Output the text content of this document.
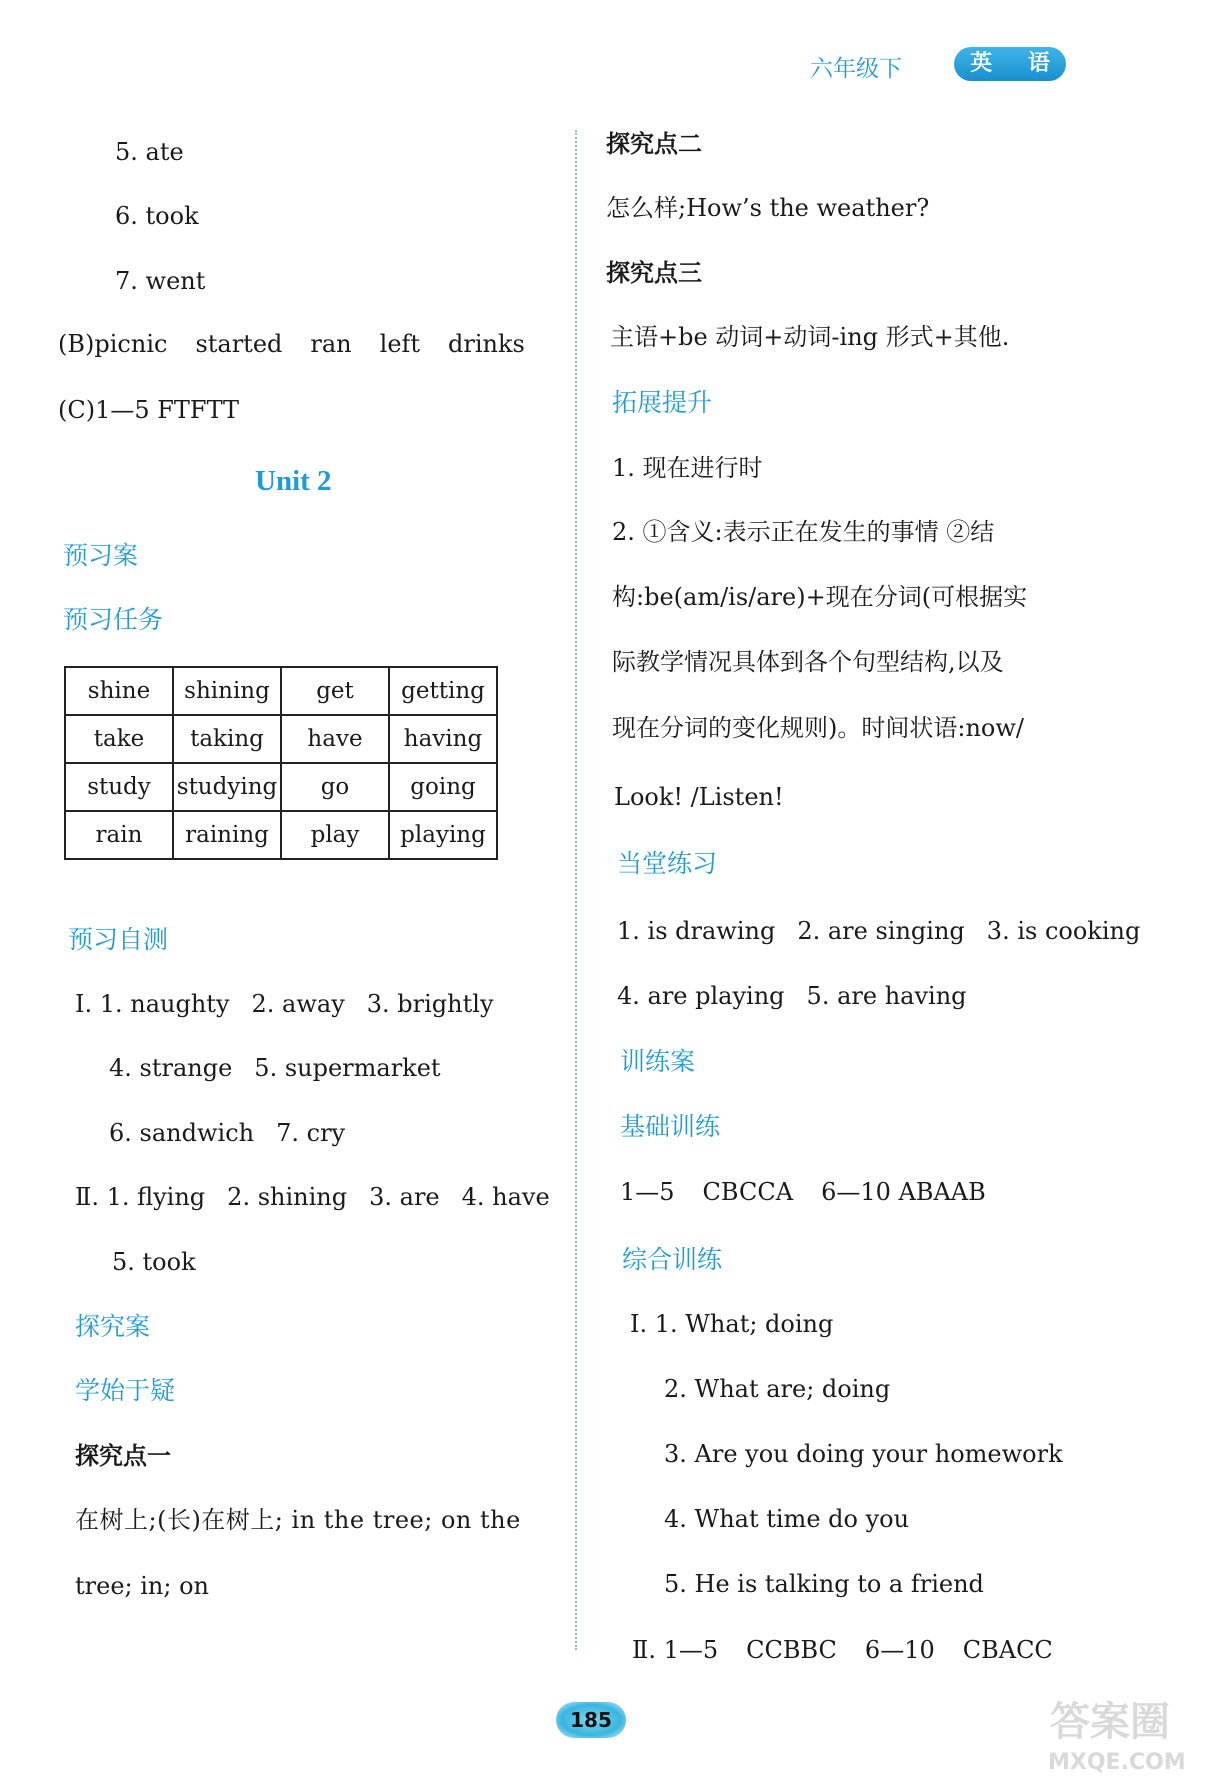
六年级下	英 语
5. ate
6. took
7. went
(B)picnic started ran left drinks
(C)1—5 FTFTT
Unit 2
预习案
预习任务
shine	shining	get	getting
take	taking	have	having
study	studying	go	going
rain	raining	play	playing
预习自测
Ⅰ. 1. naughty 2. away 3. brightly
4. strange 5. supermarket
6. sandwich 7. cry
Ⅱ. 1. flying 2. shining 3. are 4. have
5. took
探究案
学始于疑
探究点一
在树上;(长)在树上; in the tree; on the
tree; in; on
探究点二
怎么样;How’s the weather?
探究点三
主语+be 动词+动词-ing 形式+其他.
拓展提升
1. 现在进行时
2. ①含义:表示正在发生的事情 ②结
构:be(am/is/are)+现在分词(可根据实
际教学情况具体到各个句型结构,以及
现在分词的变化规则)。时间状语:now/
Look! /Listen!
当堂练习
1. is drawing 2. are singing 3. is cooking
4. are playing 5. are having
训练案
基础训练
1—5 CBCCA 6—10 ABAAB
综合训练
Ⅰ. 1. What; doing
2. What are; doing
3. Are you doing your homework
4. What time do you
5. He is talking to a friend
Ⅱ. 1—5 CCBBC 6—10 CBACC
185	答案圈
MXQE.COM
